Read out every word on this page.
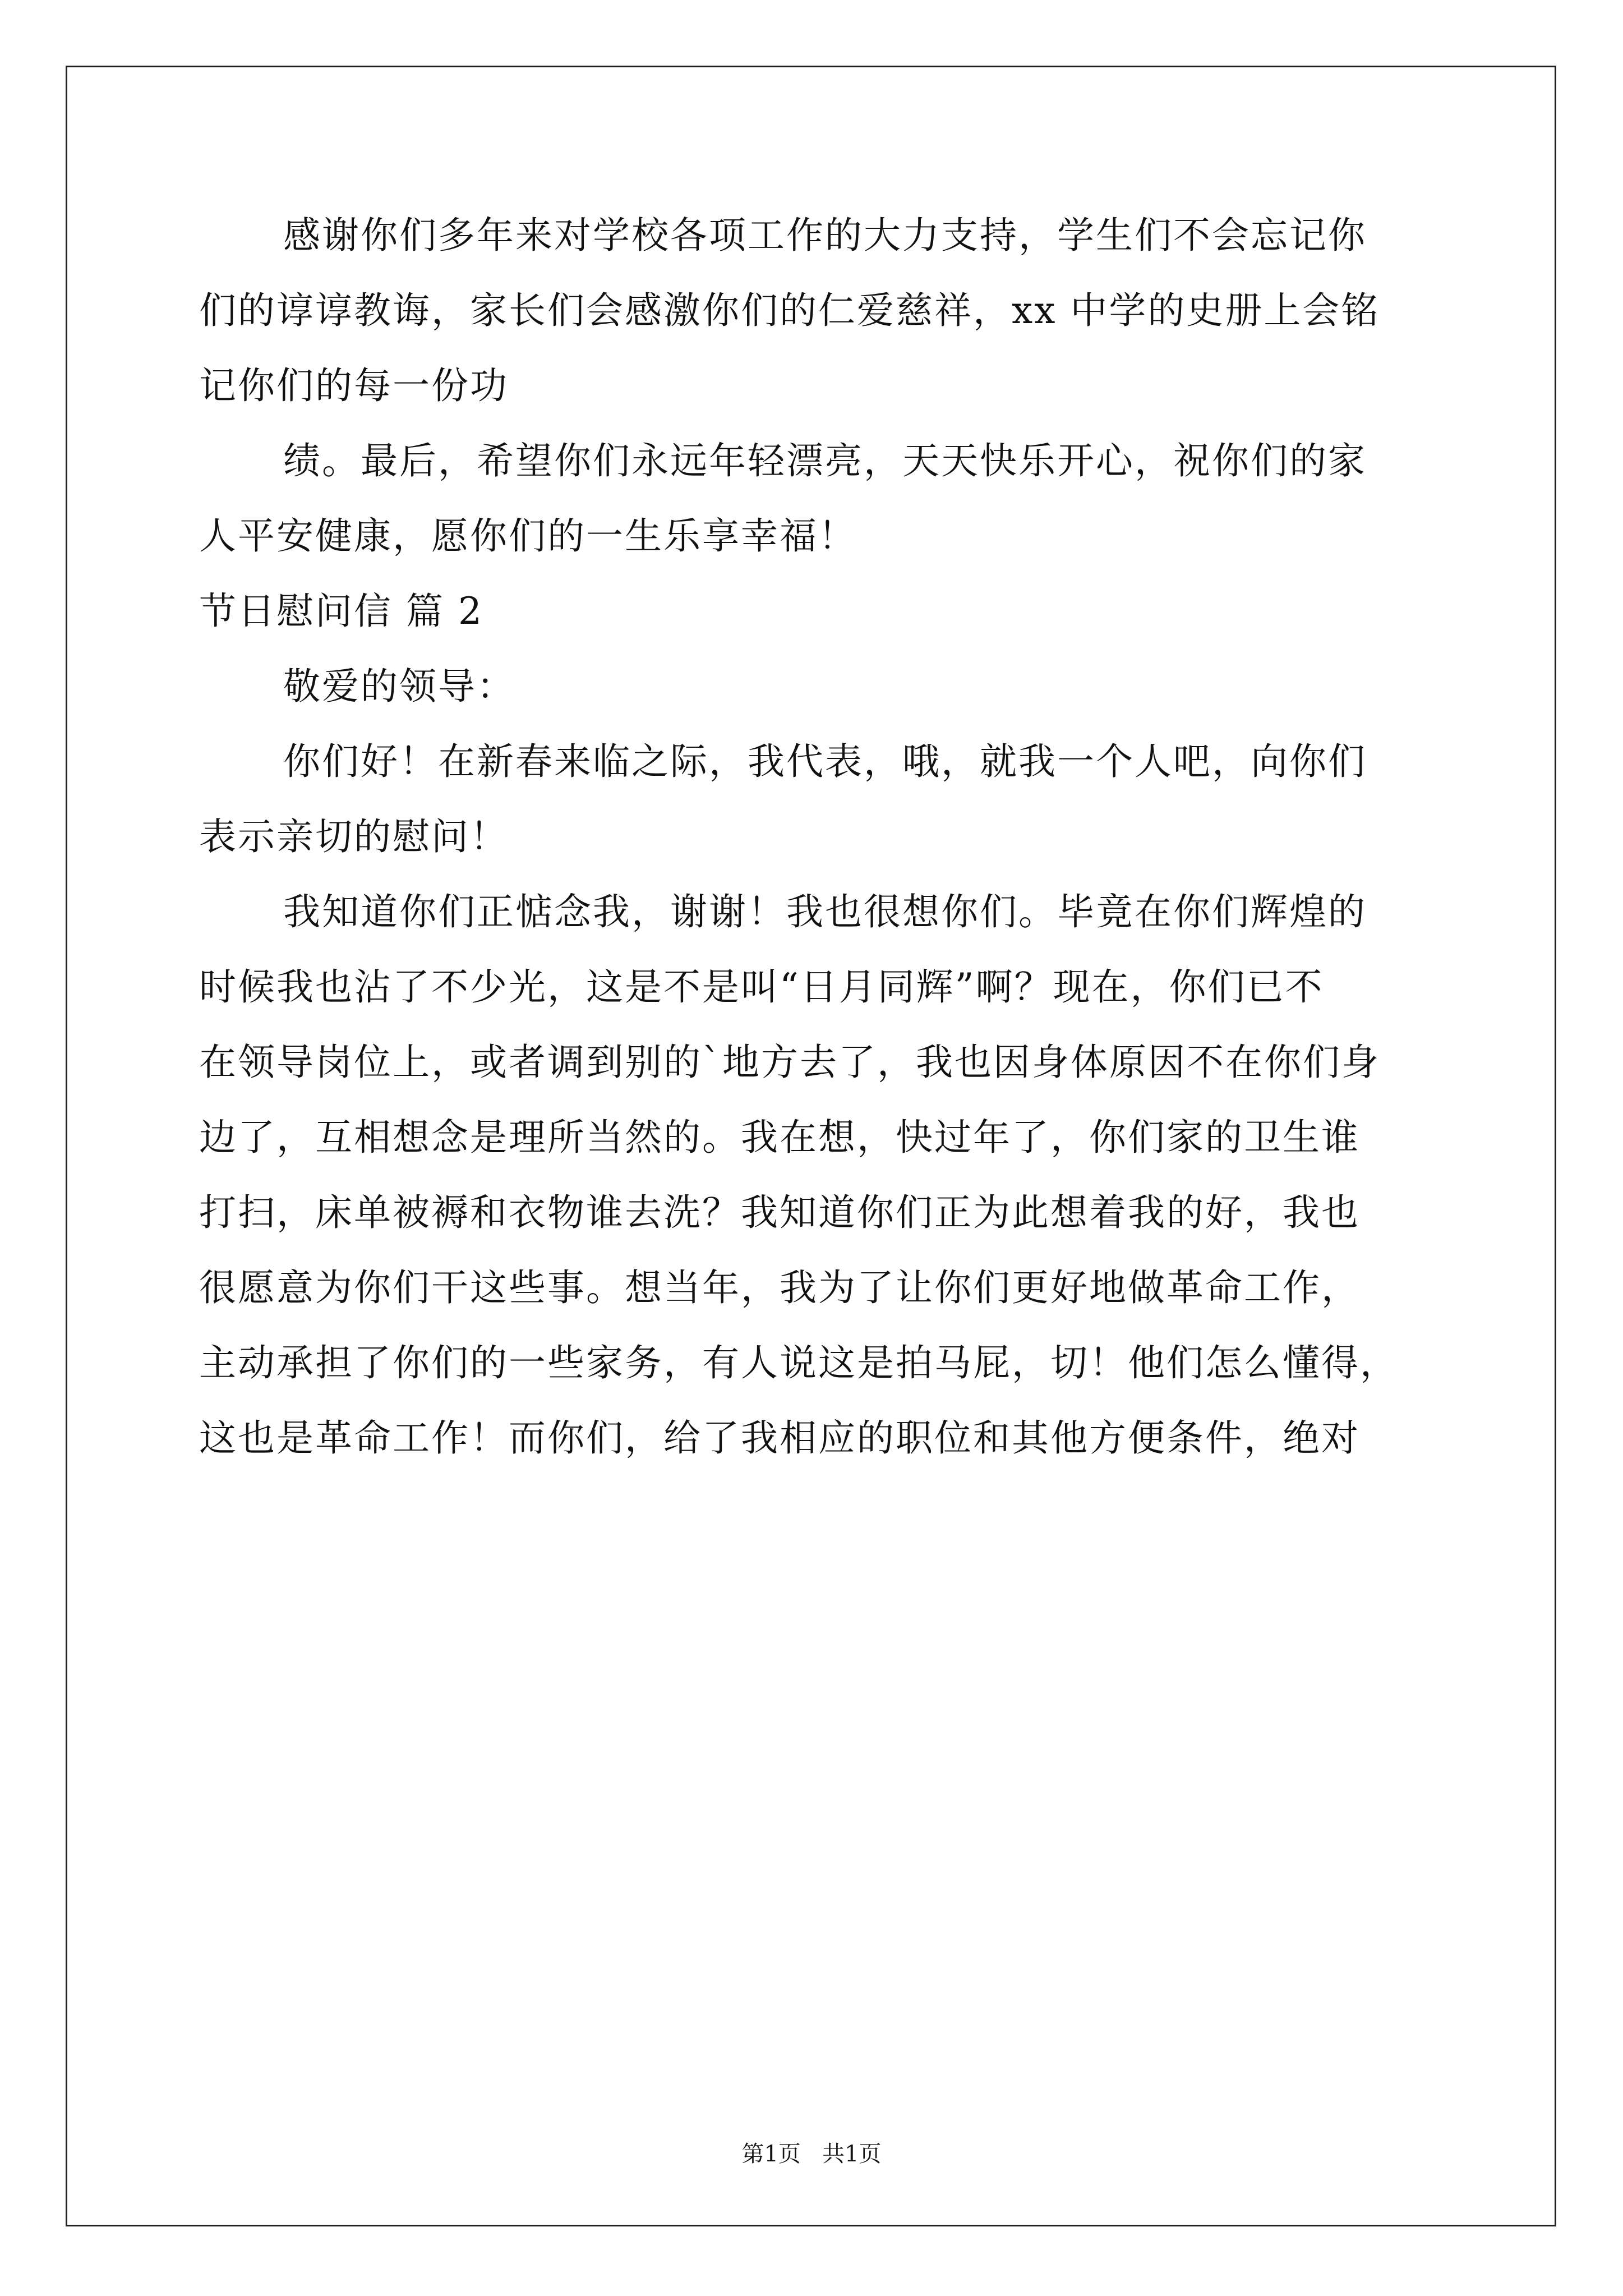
感谢你们多年来对学校各项工作的大力支持，学生们不会忘记你
们的谆谆教诲，家长们会感激你们的仁爱慈祥，xx 中学的史册上会铭
记你们的每一份功
绩。最后，希望你们永远年轻漂亮，天天快乐开心，祝你们的家
人平安健康，愿你们的一生乐享幸福！
节日慰问信 篇 2
敬爱的领导：
你们好！在新春来临之际，我代表，哦，就我一个人吧，向你们
表示亲切的慰问！
我知道你们正惦念我，谢谢！我也很想你们。毕竟在你们辉煌的
时候我也沾了不少光，这是不是叫“日月同辉”啊？现在，你们已不
在领导岗位上，或者调到别的`地方去了，我也因身体原因不在你们身
边了，互相想念是理所当然的。我在想，快过年了，你们家的卫生谁
打扫，床单被褥和衣物谁去洗？我知道你们正为此想着我的好，我也
很愿意为你们干这些事。想当年，我为了让你们更好地做革命工作，
主动承担了你们的一些家务，有人说这是拍马屁，切！他们怎么懂得，
这也是革命工作！而你们，给了我相应的职位和其他方便条件，绝对
第1页   共1页
